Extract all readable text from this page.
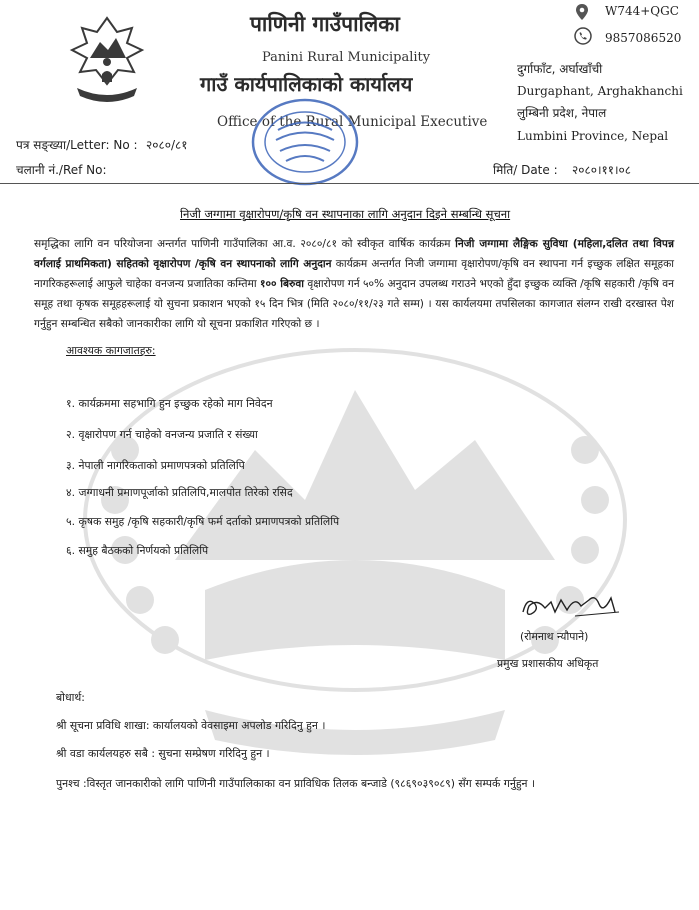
पाणिनी गाउँपालिका
Panini Rural Municipality
गाउँ कार्यपालिकाको कार्यालय
Office of the Rural Municipal Executive
W744+QGC
9857086520
दुर्गाफाँट, अर्घाखाँची
Durgaphant, Arghakhanchi
लुम्बिनी प्रदेश, नेपाल
Lumbini Province, Nepal
पत्र सङ्ख्या/Letter: No : २०८०/८१
चलानी नं./Ref No:	मिति/ Date : २०८०।११।०८
निजी जग्गामा वृक्षारोपण/कृषि वन स्थापनाका लागि अनुदान दिइने सम्बन्धि सूचना
समृद्धिका लागि वन परियोजना अन्तर्गत पाणिनी गाउँपालिका आ.व. २०८०/८१ को स्वीकृत वार्षिक कार्यक्रम निजी जग्गामा लैङ्गिक सुविधा (महिला,दलित तथा विपन्न वर्गलाई प्राथमिकता) सहितको वृक्षारोपण /कृषि वन स्थापनाको लागि अनुदान कार्यक्रम अन्तर्गत निजी जग्गामा वृक्षारोपण/कृषि वन स्थापना गर्न इच्छुक लक्षित समूहका नागरिकहरूलाई आफुले चाहेका वनजन्य प्रजातिका कम्तिमा १०० बिरुवा वृक्षारोपण गर्न ५०% अनुदान उपलब्ध गराउने भएको हुँदा इच्छुक व्यक्ति /कृषि सहकारी /कृषि वन समूह तथा कृषक समूहहरूलाई यो सुचना प्रकाशन भएको १५ दिन भित्र (मिति २०८०/११/२३ गते सम्म) । यस कार्यलयमा तपसिलका कागजात संलग्न राखी दरखास्त पेश गर्नुहुन सम्बन्धित सबैको जानकारीका लागि यो सूचना प्रकाशित गरिएको छ ।
आवश्यक कागजातहरु:
१. कार्यक्रममा सहभागि हुन इच्छुक रहेको माग निवेदन
२. वृक्षारोपण गर्न चाहेको वनजन्य प्रजाति र संख्या
३. नेपाली नागरिकताको प्रमाणपत्रको प्रतिलिपि
४. जग्गाधनी प्रमाणपूर्जाको प्रतिलिपि,मालपोत तिरेको रसिद
५. कृषक समुह /कृषि सहकारी/कृषि फर्म दर्ताको प्रमाणपत्रको प्रतिलिपि
६. समुह बैठकको निर्णयको प्रतिलिपि
(रोमनाथ न्यौपाने)
प्रमुख प्रशासकीय अधिकृत
बोधार्थ:
श्री सूचना प्रविधि शाखा: कार्यालयको वेवसाइमा अपलोड गरिदिनु हुन ।
श्री वडा कार्यलयहरु सबै : सुचना सम्प्रेषण गरिदिनु हुन ।
पुनश्च :विस्तृत जानकारीको लागि पाणिनी गाउँपालिकाका वन प्राविधिक तिलक बन्जाडे (९८६९०३९०८९) सँग सम्पर्क गर्नुहुन ।
